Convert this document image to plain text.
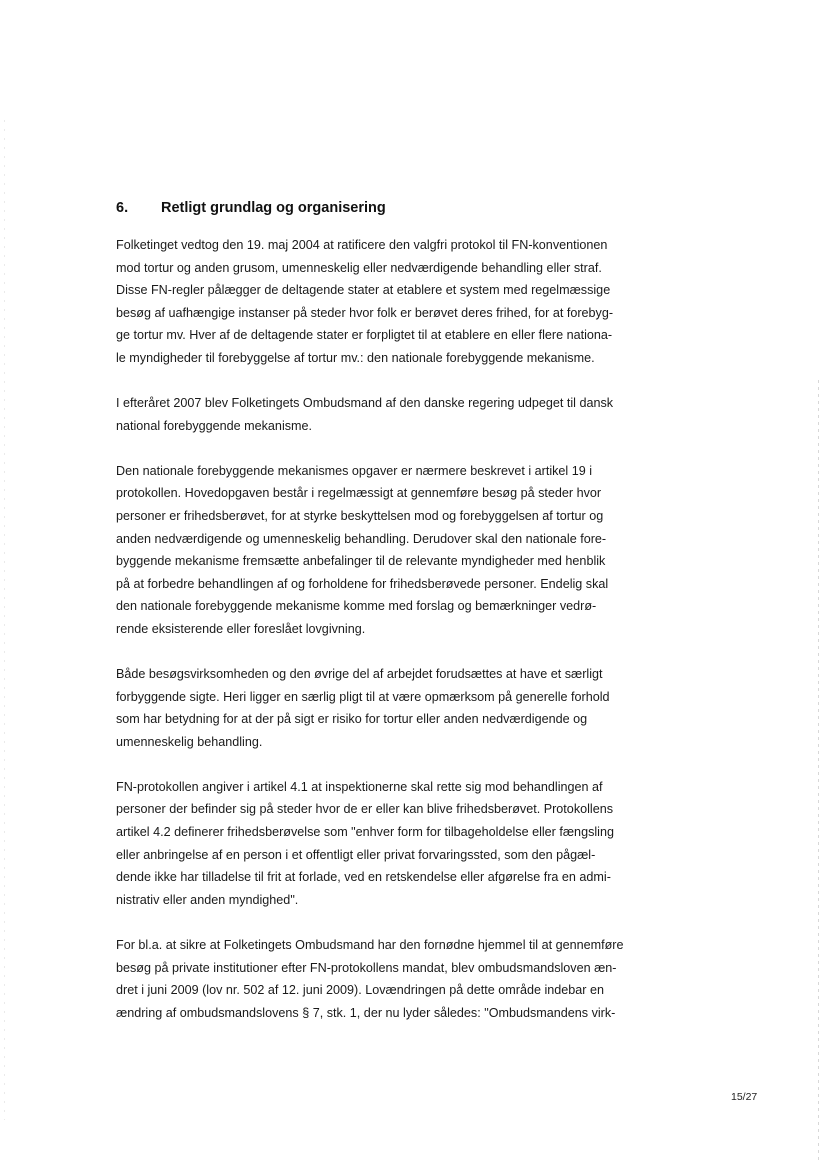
6. Retligt grundlag og organisering

Folketinget vedtog den 19. maj 2004 at ratificere den valgfri protokol til FN-konventionen
mod tortur og anden grusom, umenneskelig eller nedværdigende behandling eller straf.
Disse FN-regler pålægger de deltagende stater at etablere et system med regelmæssige
besøg af uafhængige instanser på steder hvor folk er berøvet deres frihed, for at forebyg-
ge tortur mv. Hver af de deltagende stater er forpligtet til at etablere en eller flere nationa-
le myndigheder til forebyggelse af tortur mv.: den nationale forebyggende mekanisme.

I efteråret 2007 blev Folketingets Ombudsmand af den danske regering udpeget til dansk
national forebyggende mekanisme.

Den nationale forebyggende mekanismes opgaver er nærmere beskrevet i artikel 19 i
protokollen. Hovedopgaven består i regelmæssigt at gennemføre besøg på steder hvor
personer er frihedsberøvet, for at styrke beskyttelsen mod og forebyggelsen af tortur og
anden nedværdigende og umenneskelig behandling. Derudover skal den nationale fore-
byggende mekanisme fremsætte anbefalinger til de relevante myndigheder med henblik
på at forbedre behandlingen af og forholdene for frihedsberøvede personer. Endelig skal
den nationale forebyggende mekanisme komme med forslag og bemærkninger vedrø-
rende eksisterende eller foreslået lovgivning.

Både besøgsvirksomheden og den øvrige del af arbejdet forudsættes at have et særligt
forbyggende sigte. Heri ligger en særlig pligt til at være opmærksom på generelle forhold
som har betydning for at der på sigt er risiko for tortur eller anden nedværdigende og
umenneskelig behandling.

FN-protokollen angiver i artikel 4.1 at inspektionerne skal rette sig mod behandlingen af
personer der befinder sig på steder hvor de er eller kan blive frihedsberøvet. Protokollens
artikel 4.2 definerer frihedsberøvelse som "enhver form for tilbageholdelse eller fængsling
eller anbringelse af en person i et offentligt eller privat forvaringssted, som den pågæl-
dende ikke har tilladelse til frit at forlade, ved en retskendelse eller afgørelse fra en admi-
nistrativ eller anden myndighed".

For bl.a. at sikre at Folketingets Ombudsmand har den fornødne hjemmel til at gennemføre
besøg på private institutioner efter FN-protokollens mandat, blev ombudsmandsloven æn-
dret i juni 2009 (lov nr. 502 af 12. juni 2009). Lovændringen på dette område indebar en
ændring af ombudsmandslovens § 7, stk. 1, der nu lyder således: "Ombudsmandens virk-

15/27
